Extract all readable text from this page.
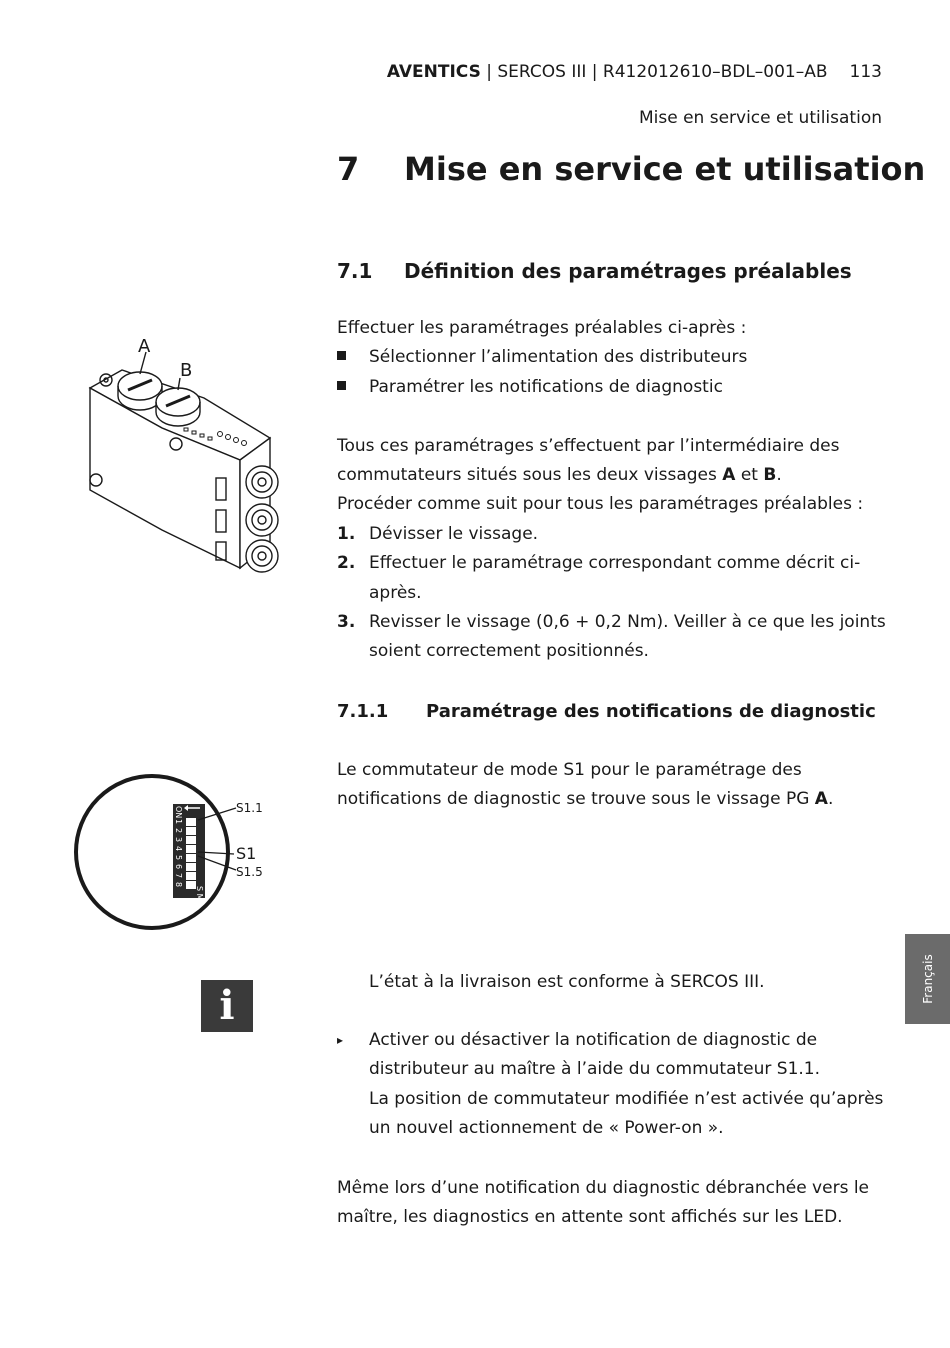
AVENTICS | SERCOS III | R412012610–BDL–001–AB 113
Mise en service et utilisation
7 Mise en service et utilisation
7.1 Définition des paramétrages préalables
Effectuer les paramétrages préalables ci-après :
Sélectionner l’alimentation des distributeurs
Paramétrer les notifications de diagnostic
Tous ces paramétrages s’effectuent par l’intermédiaire des
commutateurs situés sous les deux vissages A et B.
Procéder comme suit pour tous les paramétrages préalables :
1. Dévisser le vissage.
2. Effectuer le paramétrage correspondant comme décrit ci-
après.
3. Revisser le vissage (0,6 + 0,2 Nm). Veiller à ce que les joints
soient correctement positionnés.
7.1.1 Paramétrage des notifications de diagnostic
Le commutateur de mode S1 pour le paramétrage des
notifications de diagnostic se trouve sous le vissage PG A.
i	L’état à la livraison est conforme à SERCOS III.
▸	Activer ou désactiver la notification de diagnostic de
distributeur au maître à l’aide du commutateur S1.1.
La position de commutateur modifiée n’est activée qu’après
un nouvel actionnement de « Power-on ».
Même lors d’une notification du diagnostic débranchée vers le
maître, les diagnostics en attente sont affichés sur les LED.
Français
A
B
ON
1
2
3
4
5
6
7
8
S M
S1.1
S1
S1.5
